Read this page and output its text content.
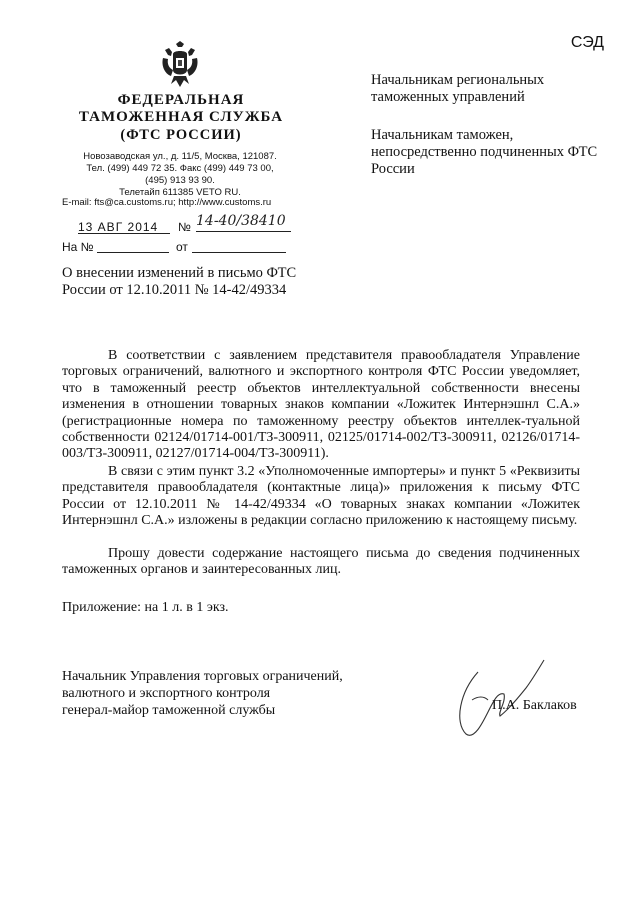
СЭД
ФЕДЕРАЛЬНАЯ
ТАМОЖЕННАЯ СЛУЖБА
(ФТС РОССИИ)
Новозаводская ул., д. 11/5, Москва, 121087.
Тел. (499) 449 72 35. Факс (499) 449 73 00,
(495) 913 93 90.
Телетайп 611385 VETO RU.
E-mail: fts@ca.customs.ru; http://www.customs.ru
13 АВГ 2014	№ 14-40/38410
На №	от
О внесении изменений в письмо ФТС России от 12.10.2011 № 14-42/49334
Начальникам региональных таможенных управлений
Начальникам таможен, непосредственно подчиненных ФТС России
В соответствии с заявлением представителя правообладателя Управление торговых ограничений, валютного и экспортного контроля ФТС России уведомляет, что в таможенный реестр объектов интеллектуальной собственности внесены изменения в отношении товарных знаков компании «Ложитек Интернэшнл С.А.» (регистрационные номера по таможенному реестру объектов интеллек-туальной собственности 02124/01714-001/ТЗ-300911, 02125/01714-002/ТЗ-300911, 02126/01714-003/ТЗ-300911, 02127/01714-004/ТЗ-300911).
В связи с этим пункт 3.2 «Уполномоченные импортеры» и пункт 5 «Реквизиты представителя правообладателя (контактные лица)» приложения к письму ФТС России от 12.10.2011 № 14-42/49334 «О товарных знаках компании «Ложитек Интернэшнл С.А.» изложены в редакции согласно приложению к настоящему письму.
Прошу довести содержание настоящего письма до сведения подчиненных таможенных органов и заинтересованных лиц.
Приложение: на 1 л. в 1 экз.
Начальник Управления торговых ограничений,
валютного и экспортного контроля
генерал-майор таможенной службы	П.А. Баклаков
